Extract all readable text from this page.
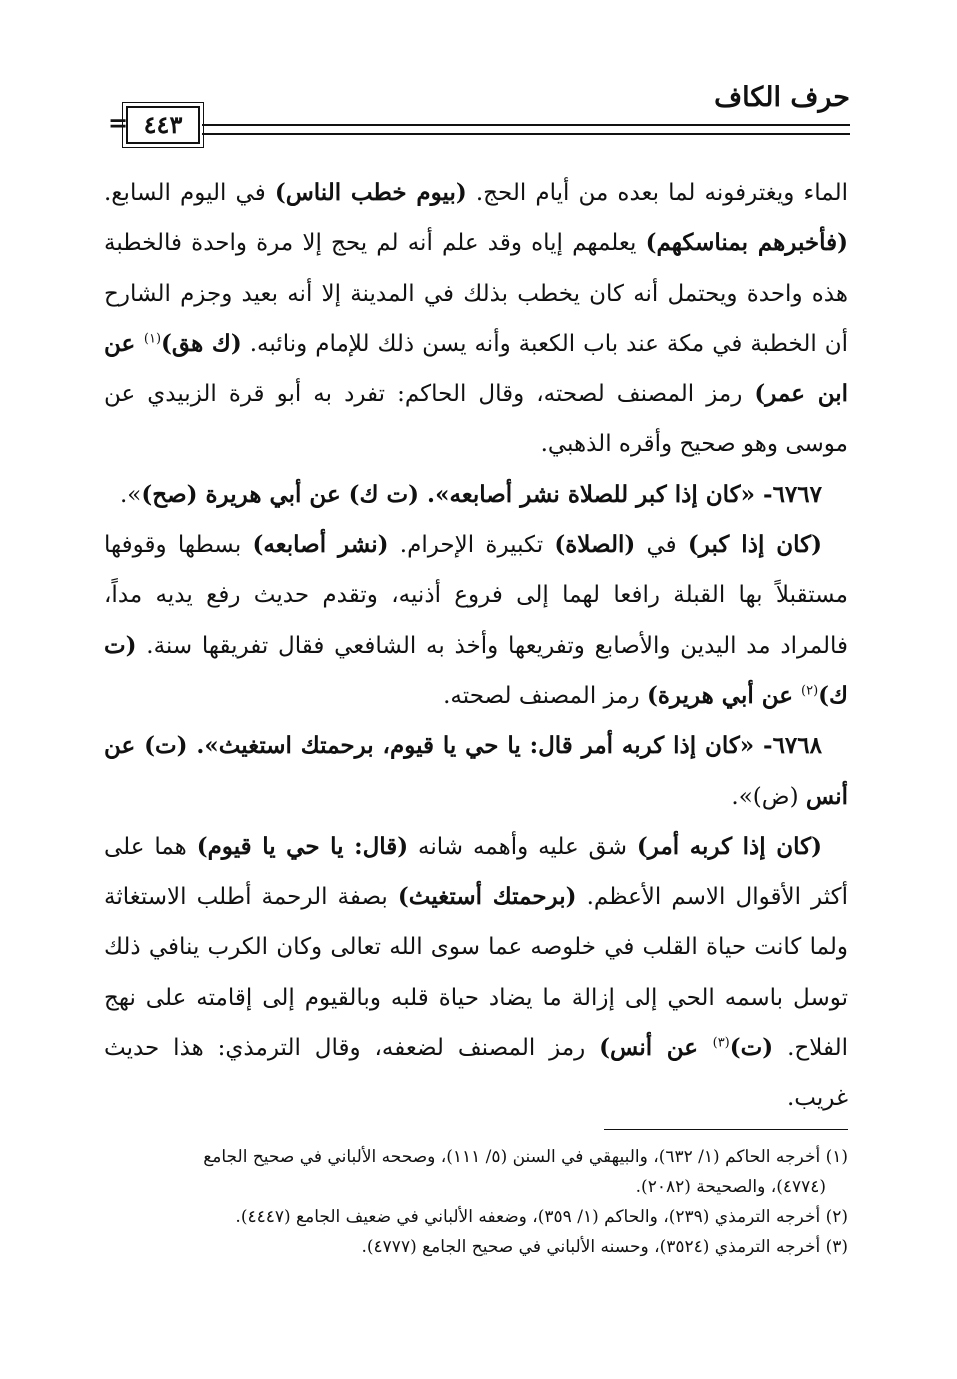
حرف الكاف
٤٤٣
=

الماء ويغترفونه لما بعده من أيام الحج. (بيوم خطب الناس) في اليوم السابع. (فأخبرهم بمناسكهم) يعلمهم إياه وقد علم أنه لم يحج إلا مرة واحدة فالخطبة هذه واحدة ويحتمل أنه كان يخطب بذلك في المدينة إلا أنه بعيد وجزم الشارح أن الخطبة في مكة عند باب الكعبة وأنه يسن ذلك للإمام ونائبه. (ك هق)$^{(١)}$ عن ابن عمر) رمز المصنف لصحته، وقال الحاكم: تفرد به أبو قرة الزبيدي عن موسى وهو صحيح وأقره الذهبي.

٦٧٦٧- «كان إذا كبر للصلاة نشر أصابعه». (ت ك) عن أبي هريرة (صح)».

(كان إذا كبر) في (الصلاة) تكبيرة الإحرام. (نشر أصابعه) بسطها وقوفها مستقبلاً بها القبلة رافعا لهما إلى فروع أذنيه، وتقدم حديث رفع يديه مداً، فالمراد مد اليدين والأصابع وتفريعها وأخذ به الشافعي فقال تفريقها سنة. (ت ك)$^{(٢)}$ عن أبي هريرة) رمز المصنف لصحته.

٦٧٦٨- «كان إذا كربه أمر قال: يا حي يا قيوم، برحمتك استغيث». (ت) عن أنس (ض)».

(كان إذا كربه أمر) شق عليه وأهمه شانه (قال: يا حي يا قيوم) هما على أكثر الأقوال الاسم الأعظم. (برحمتك أستغيث) بصفة الرحمة أطلب الاستغاثة ولما كانت حياة القلب في خلوصه عما سوى الله تعالى وكان الكرب ينافي ذلك توسل باسمه الحي إلى إزالة ما يضاد حياة قلبه وبالقيوم إلى إقامته على نهج الفلاح. (ت)$^{(٣)}$ عن أنس) رمز المصنف لضعفه، وقال الترمذي: هذا حديث غريب.

(١) أخرجه الحاكم (١/ ٦٣٢)، والبيهقي في السنن (٥/ ١١١)، وصححه الألباني في صحيح الجامع

(٤٧٧٤)، والصحيحة (٢٠٨٢).

(٢) أخرجه الترمذي (٢٣٩)، والحاكم (١/ ٣٥٩)، وضعفه الألباني في ضعيف الجامع (٤٤٤٧).

(٣) أخرجه الترمذي (٣٥٢٤)، وحسنه الألباني في صحيح الجامع (٤٧٧٧).
